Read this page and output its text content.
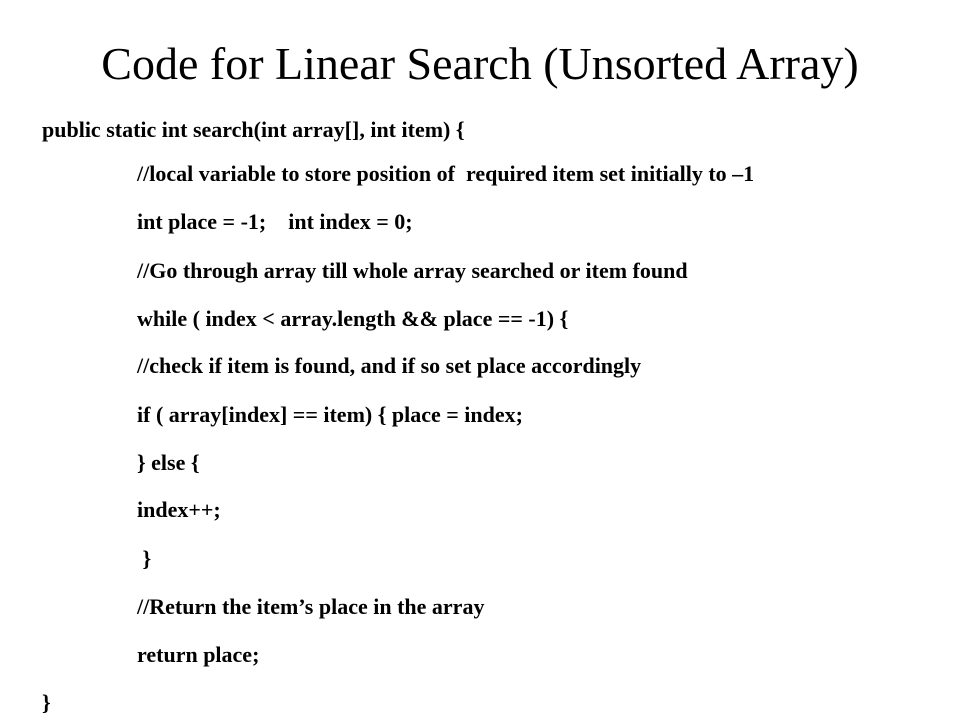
Code for Linear Search (Unsorted Array)
public static int search(int array[], int item) {
//local variable to store position of  required item set initially to –1
int place = -1;    int index = 0;
//Go through array till whole array searched or item found
while ( index < array.length && place == -1) {
//check if item is found, and if so set place accordingly
if ( array[index] == item) { place = index;
} else {
index++;
}
//Return the item’s place in the array
return place;
}
